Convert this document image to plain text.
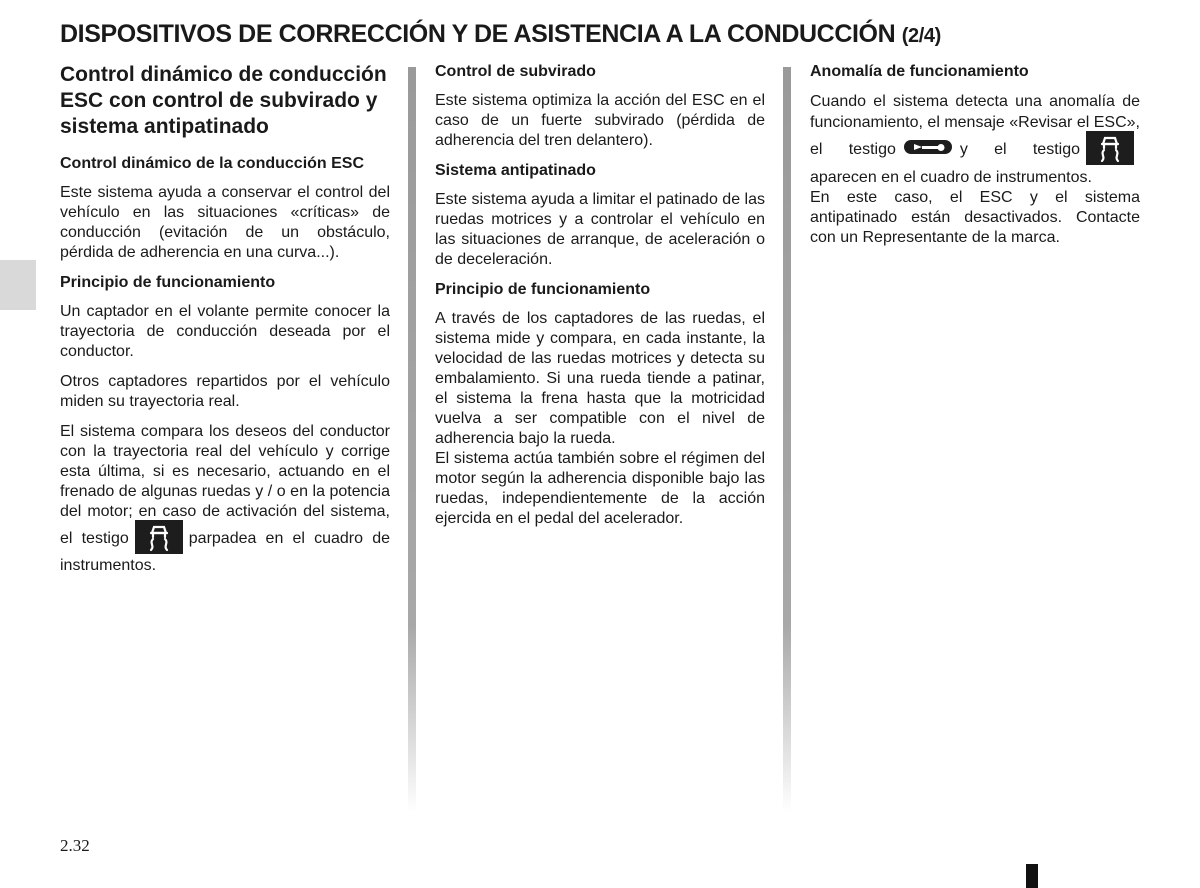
DISPOSITIVOS DE CORRECCIÓN Y DE ASISTENCIA A LA CONDUCCIÓN (2/4)
Control dinámico de conducción ESC con control de subvirado y sistema antipatinado
Control dinámico de la conducción ESC

Este sistema ayuda a conservar el control del vehículo en las situaciones «críticas» de conducción (evitación de un obstáculo, pérdida de adherencia en una curva...).

Principio de funcionamiento

Un captador en el volante permite conocer la trayectoria de conducción deseada por el conductor.

Otros captadores repartidos por el vehículo miden su trayectoria real.

El sistema compara los deseos del conductor con la trayectoria real del vehículo y corrige esta última, si es necesario, actuando en el frenado de algunas ruedas y / o en la potencia del motor; en caso de activación del sistema, el testigo	parpadea en el cuadro de instrumentos.

Control de subvirado

Este sistema optimiza la acción del ESC en el caso de un fuerte subvirado (pérdida de adherencia del tren delantero).

Sistema antipatinado

Este sistema ayuda a limitar el patinado de las ruedas motrices y a controlar el vehículo en las situaciones de arranque, de aceleración o de deceleración.

Principio de funcionamiento

A través de los captadores de las ruedas, el sistema mide y compara, en cada instante, la velocidad de las ruedas motrices y detecta su embalamiento. Si una rueda tiende a patinar, el sistema la frena hasta que la motricidad vuelva a ser compatible con el nivel de adherencia bajo la rueda.

El sistema actúa también sobre el régimen del motor según la adherencia disponible bajo las ruedas, independientemente de la acción ejercida en el pedal del acelerador.

Anomalía de funcionamiento

Cuando el sistema detecta una anomalía de funcionamiento, el mensaje «Revisar el ESC», el testigo	y el testigo
aparecen en el cuadro de instrumentos.

En este caso, el ESC y el sistema antipatinado están desactivados. Contacte con un Representante de la marca.

2.32
